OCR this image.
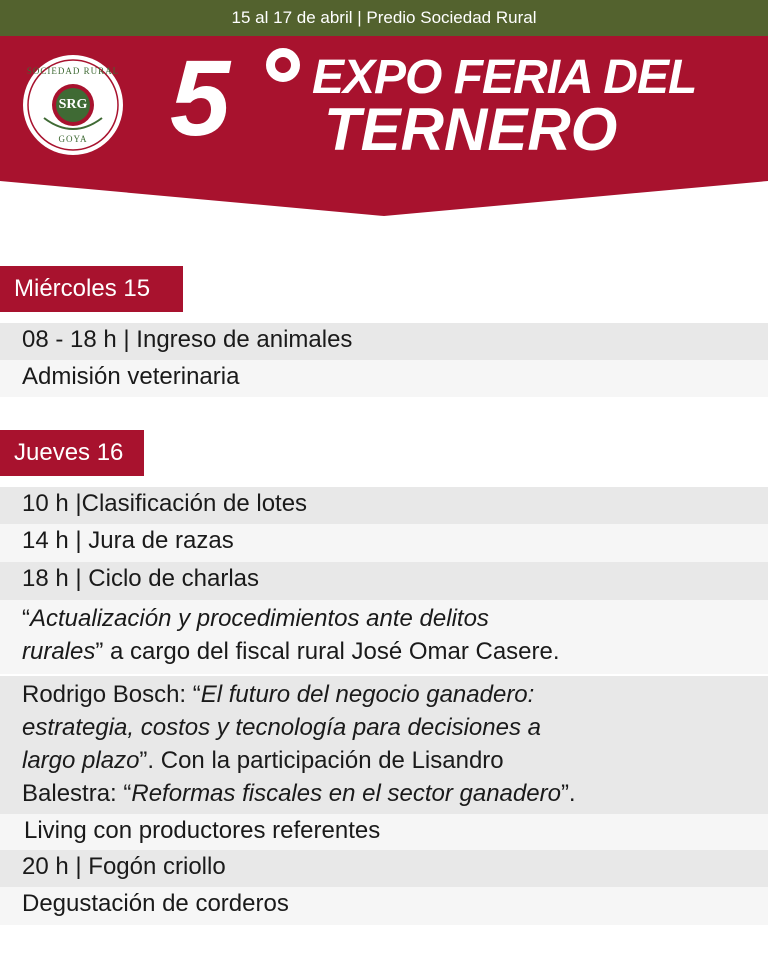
15 al 17 de abril | Predio Sociedad Rural
SOCIEDAD RURAL
SRG
GOYA 5 EXPO FERIA DEL
TERNERO
Miércoles 15
08 - 18 h | Ingreso de animales
Admisión veterinaria
Jueves 16
10 h |Clasificación de lotes
14 h | Jura de razas
18 h | Ciclo de charlas
“Actualización y procedimientos ante delitos
rurales” a cargo del fiscal rural José Omar Casere.
Rodrigo Bosch: “El futuro del negocio ganadero:
estrategia, costos y tecnología para decisiones a
largo plazo”. Con la participación de Lisandro
Balestra: “Reformas fiscales en el sector ganadero”.
Living con productores referentes
20 h | Fogón criollo
Degustación de corderos
